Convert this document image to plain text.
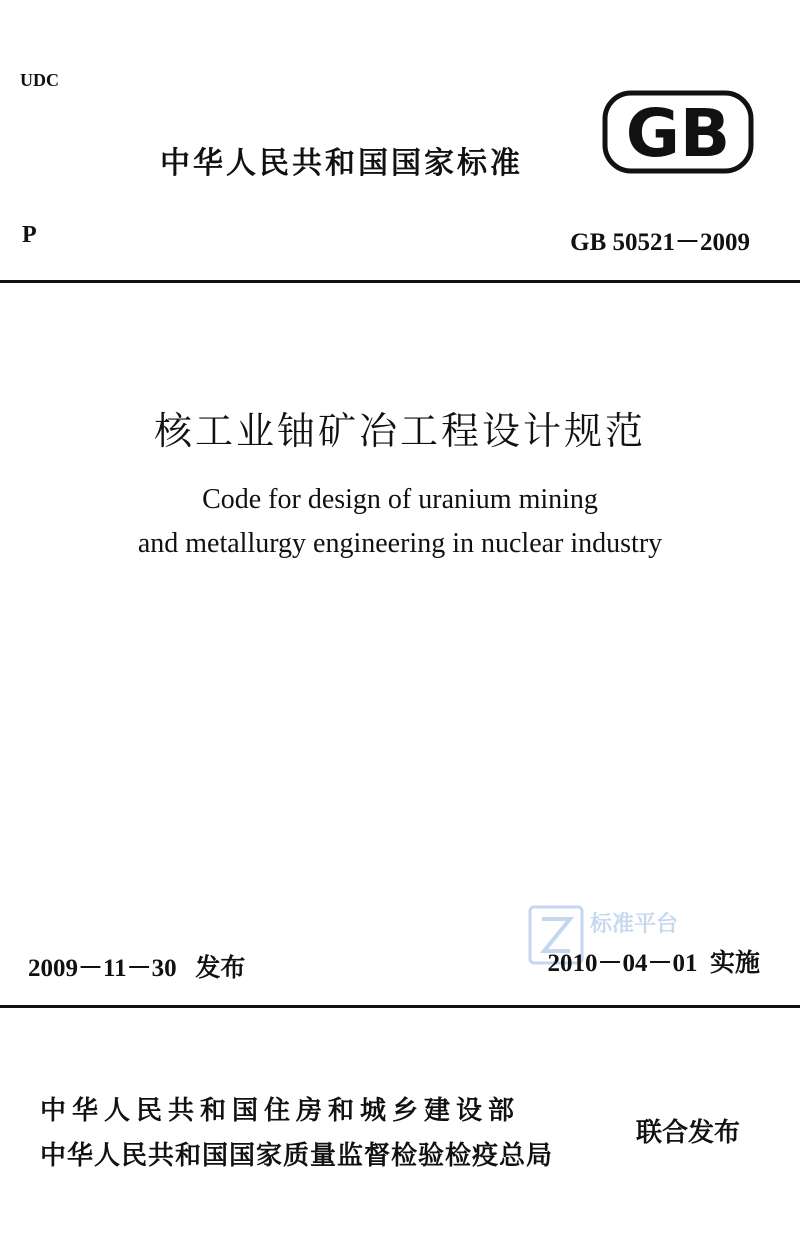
UDC
中华人民共和国国家标准 GB
P	GB 50521－2009
核工业铀矿冶工程设计规范
Code for design of uranium mining
and metallurgy engineering in nuclear industry
标准平台
2009－11－30 发布	2010－04－01 实施
中华人民共和国住房和城乡建设部
中华人民共和国国家质量监督检验检疫总局
联合发布
